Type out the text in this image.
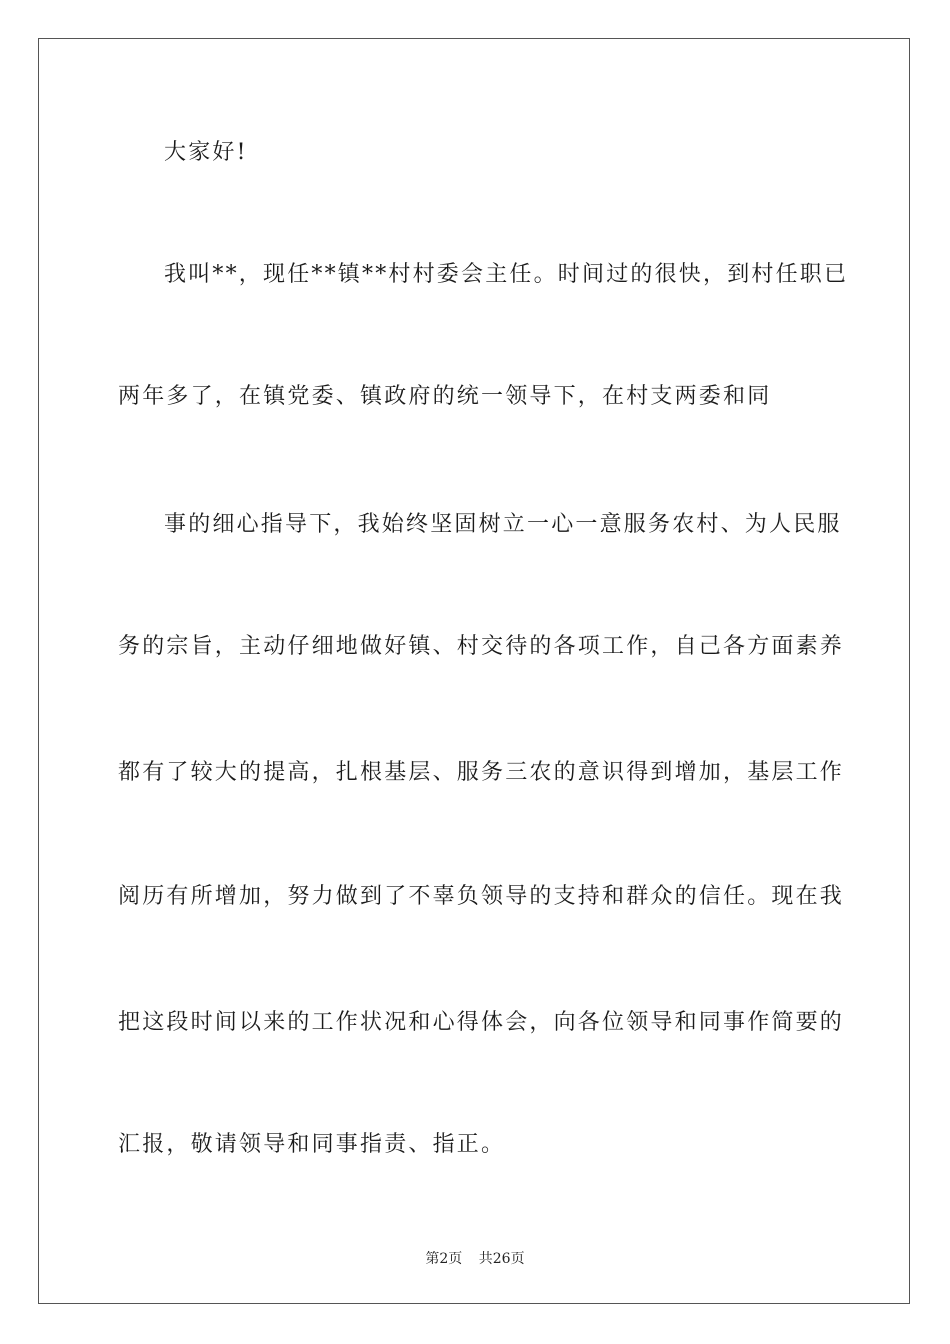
大家好!
我叫**，现任**镇**村村委会主任。时间过的很快，到村任职已
两年多了，在镇党委、镇政府的统一领导下，在村支两委和同
事的细心指导下，我始终坚固树立一心一意服务农村、为人民服
务的宗旨，主动仔细地做好镇、村交待的各项工作，自己各方面素养
都有了较大的提高，扎根基层、服务三农的意识得到增加，基层工作
阅历有所增加，努力做到了不辜负领导的支持和群众的信任。现在我
把这段时间以来的工作状况和心得体会，向各位领导和同事作简要的
汇报，敬请领导和同事指责、指正。
第2页 共26页
